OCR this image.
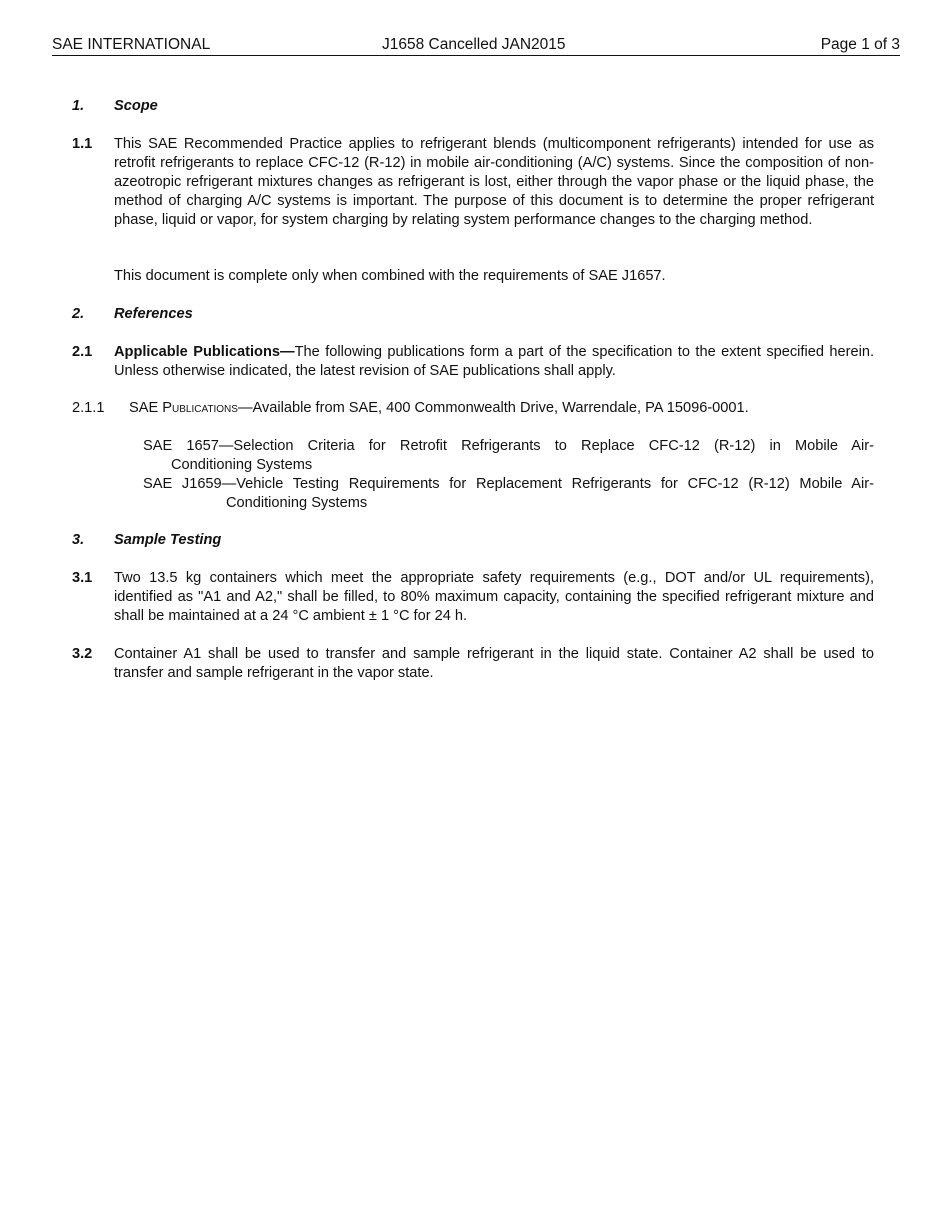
SAE INTERNATIONAL	J1658 Cancelled JAN2015	Page 1 of 3
1. Scope
1.1 This SAE Recommended Practice applies to refrigerant blends (multicomponent refrigerants) intended for use as retrofit refrigerants to replace CFC-12 (R-12) in mobile air-conditioning (A/C) systems. Since the composition of non-azeotropic refrigerant mixtures changes as refrigerant is lost, either through the vapor phase or the liquid phase, the method of charging A/C systems is important. The purpose of this document is to determine the proper refrigerant phase, liquid or vapor, for system charging by relating system performance changes to the charging method.
This document is complete only when combined with the requirements of SAE J1657.
2. References
2.1 Applicable Publications—The following publications form a part of the specification to the extent specified herein. Unless otherwise indicated, the latest revision of SAE publications shall apply.
2.1.1 SAE Publications—Available from SAE, 400 Commonwealth Drive, Warrendale, PA 15096-0001.
SAE 1657—Selection Criteria for Retrofit Refrigerants to Replace CFC-12 (R-12) in Mobile Air-
Conditioning Systems
SAE J1659—Vehicle Testing Requirements for Replacement Refrigerants for CFC-12 (R-12) Mobile Air-
Conditioning Systems
3. Sample Testing
3.1 Two 13.5 kg containers which meet the appropriate safety requirements (e.g., DOT and/or UL requirements), identified as "A1 and A2," shall be filled, to 80% maximum capacity, containing the specified refrigerant mixture and shall be maintained at a 24 °C ambient ± 1 °C for 24 h.
3.2 Container A1 shall be used to transfer and sample refrigerant in the liquid state. Container A2 shall be used to transfer and sample refrigerant in the vapor state.
